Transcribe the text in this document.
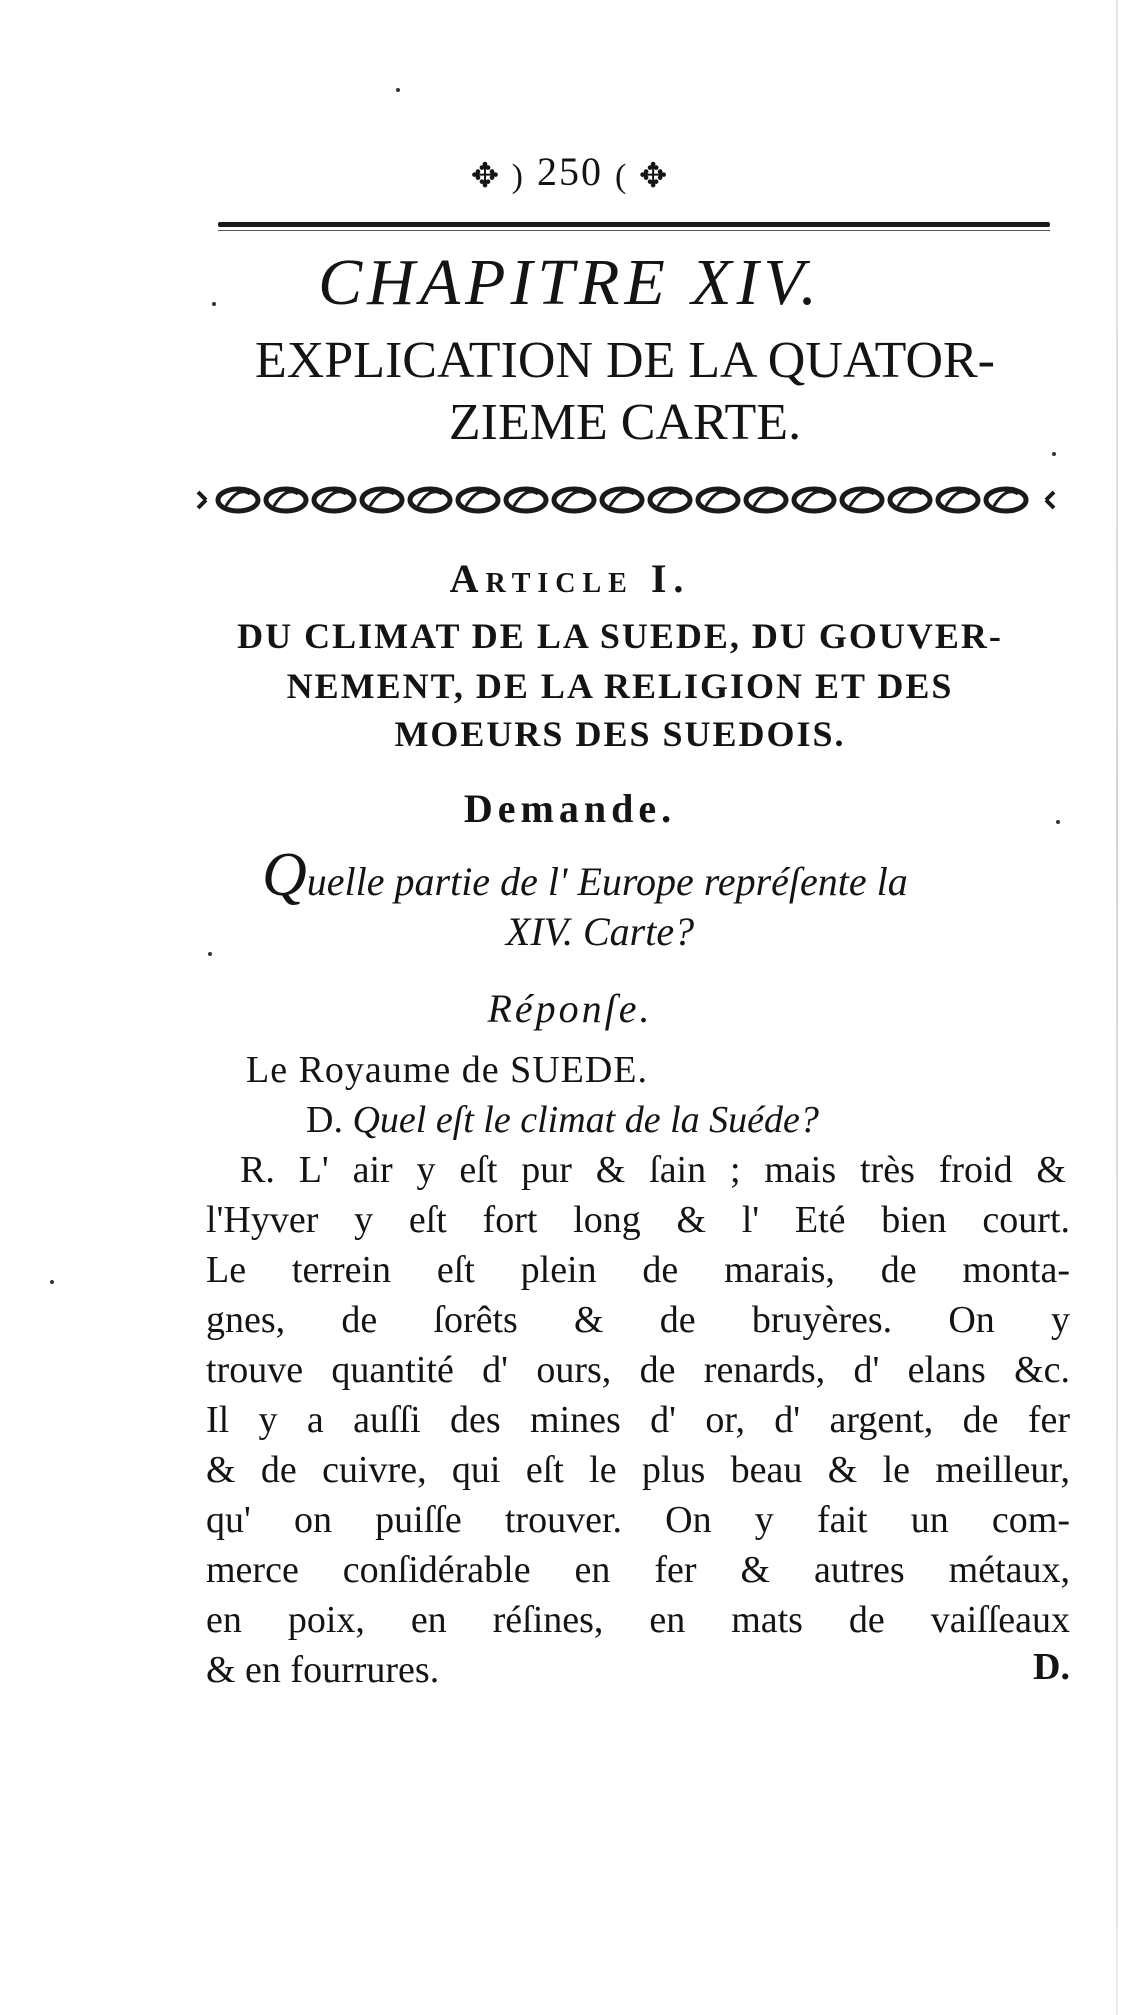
✥ ) 250 ( ✥
CHAPITRE XIV.
EXPLICATION DE LA QUATOR-
ZIEME CARTE.
Article I.
DU CLIMAT DE LA SUEDE, DU GOUVER-
NEMENT, DE LA RELIGION ET DES
MOEURS DES SUEDOIS.
Demande.
Quelle partie de l' Europe repréſente la
XIV. Carte?
Réponſe.
Le Royaume de SUEDE.
D. Quel eſt le climat de la Suéde?
R. L' air y eſt pur & ſain ; mais très froid &
l'Hyver y eſt fort long & l' Eté bien court.
Le terrein eſt plein de marais, de monta-
gnes, de ſorêts & de bruyères. On y
trouve quantité d' ours, de renards, d' elans &c.
Il y a auſſi des mines d' or, d' argent, de fer
& de cuivre, qui eſt le plus beau & le meilleur,
qu' on puiſſe trouver. On y fait un com-
merce conſidérable en fer & autres métaux,
en poix, en réſines, en mats de vaiſſeaux
& en fourrures.	D.
